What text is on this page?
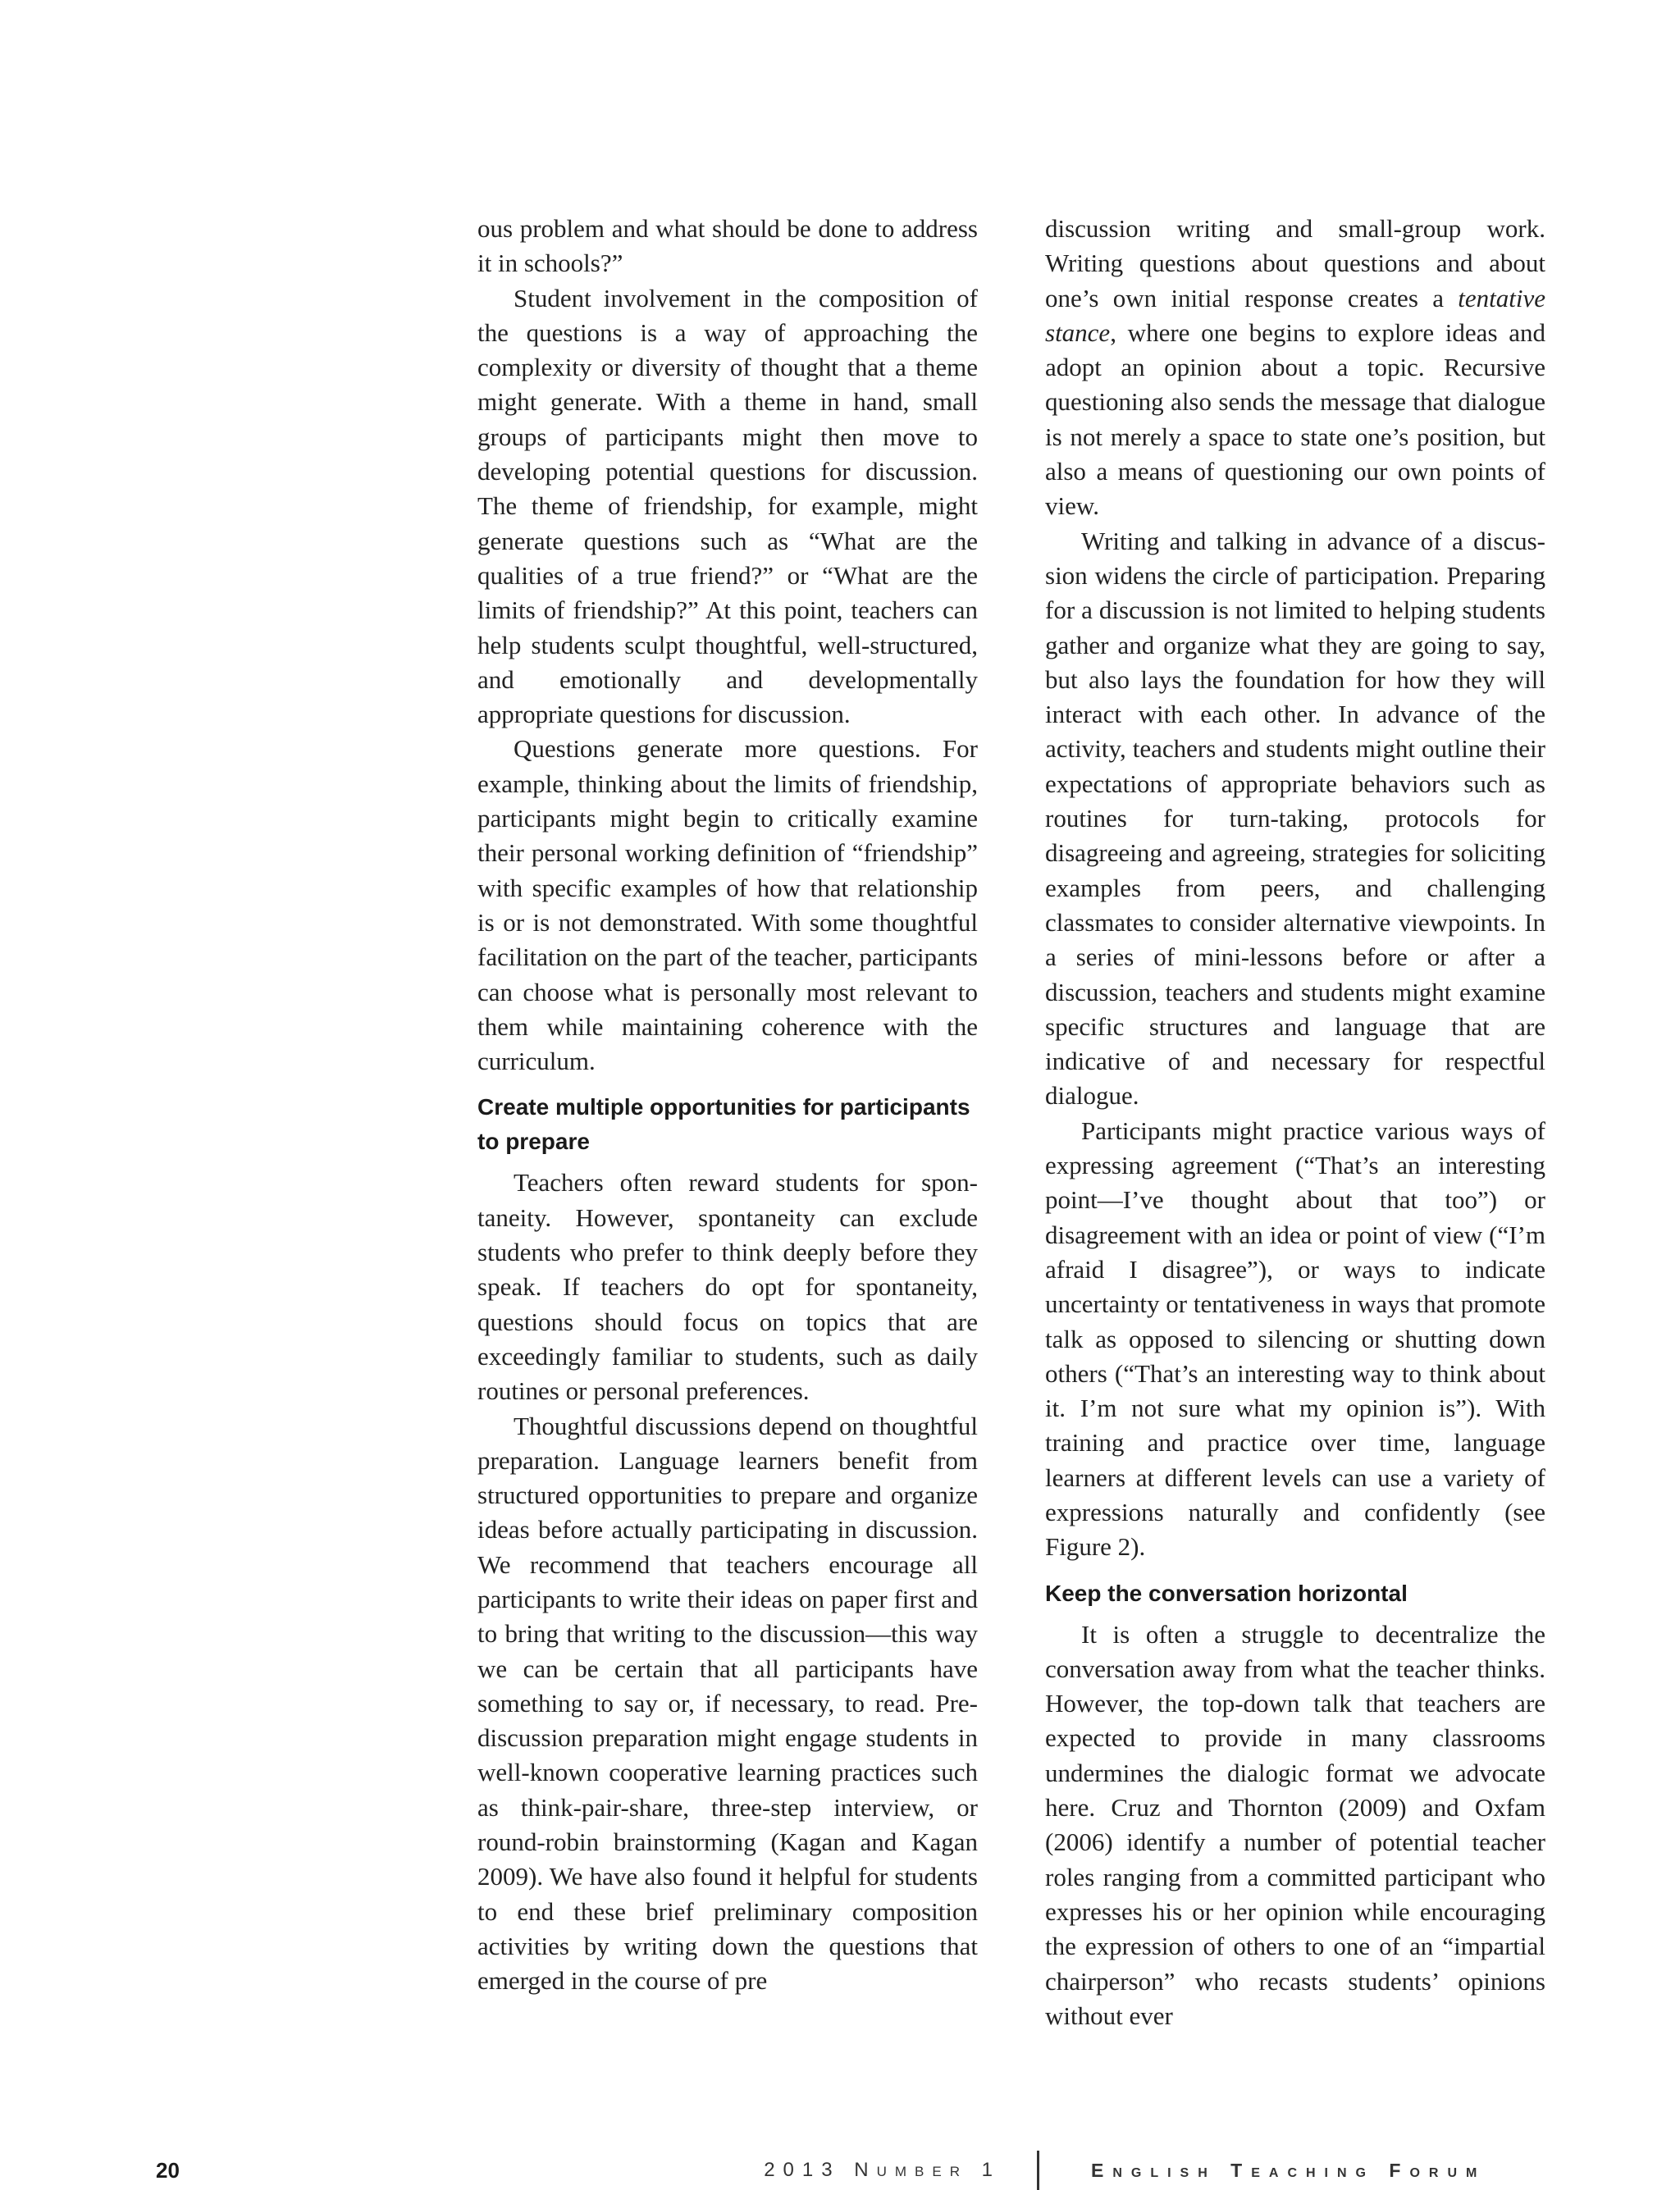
ous problem and what should be done to address it in schools?”

Student involvement in the composition of the questions is a way of approaching the complexity or diversity of thought that a theme might generate. With a theme in hand, small groups of participants might then move to developing potential questions for discussion. The theme of friendship, for example, might generate questions such as “What are the qualities of a true friend?” or “What are the limits of friendship?” At this point, teachers can help students sculpt thoughtful, well-structured, and emotionally and developmentally appropriate questions for discussion.

Questions generate more questions. For example, thinking about the limits of friendship, participants might begin to critically examine their personal working definition of “friendship” with specific examples of how that relationship is or is not demonstrated. With some thoughtful facilitation on the part of the teacher, participants can choose what is personally most relevant to them while maintaining coherence with the curriculum.

Create multiple opportunities for participants to prepare

Teachers often reward students for spontaneity. However, spontaneity can exclude students who prefer to think deeply before they speak. If teachers do opt for spontaneity, questions should focus on topics that are exceedingly familiar to students, such as daily routines or personal preferences.

Thoughtful discussions depend on thoughtful preparation. Language learners benefit from structured opportunities to prepare and organize ideas before actually participating in discussion. We recommend that teachers encourage all participants to write their ideas on paper first and to bring that writing to the discussion—this way we can be certain that all participants have something to say or, if necessary, to read. Prediscussion preparation might engage students in well-known cooperative learning practices such as think-pair-share, three-step interview, or round-robin brainstorming (Kagan and Kagan 2009). We have also found it helpful for students to end these brief preliminary composition activities by writing down the questions that emerged in the course of pre

discussion writing and small-group work. Writing questions about questions and about one’s own initial response creates a tentative stance, where one begins to explore ideas and adopt an opinion about a topic. Recursive questioning also sends the message that dialogue is not merely a space to state one’s position, but also a means of questioning our own points of view.

Writing and talking in advance of a discussion widens the circle of participation. Preparing for a discussion is not limited to helping students gather and organize what they are going to say, but also lays the foundation for how they will interact with each other. In advance of the activity, teachers and students might outline their expectations of appropriate behaviors such as routines for turn-taking, protocols for disagreeing and agreeing, strategies for soliciting examples from peers, and challenging classmates to consider alternative viewpoints. In a series of mini-lessons before or after a discussion, teachers and students might examine specific structures and language that are indicative of and necessary for respectful dialogue.

Participants might practice various ways of expressing agreement (“That’s an interesting point—I’ve thought about that too”) or disagreement with an idea or point of view (“I’m afraid I disagree”), or ways to indicate uncertainty or tentativeness in ways that promote talk as opposed to silencing or shutting down others (“That’s an interesting way to think about it. I’m not sure what my opinion is”). With training and practice over time, language learners at different levels can use a variety of expressions naturally and confidently (see Figure 2).

Keep the conversation horizontal

It is often a struggle to decentralize the conversation away from what the teacher thinks. However, the top-down talk that teachers are expected to provide in many classrooms undermines the dialogic format we advocate here. Cruz and Thornton (2009) and Oxfam (2006) identify a number of potential teacher roles ranging from a committed participant who expresses his or her opinion while encouraging the expression of others to one of an “impartial chairperson” who recasts students’ opinions without ever

20	2013 Number 1	English Teaching Forum
